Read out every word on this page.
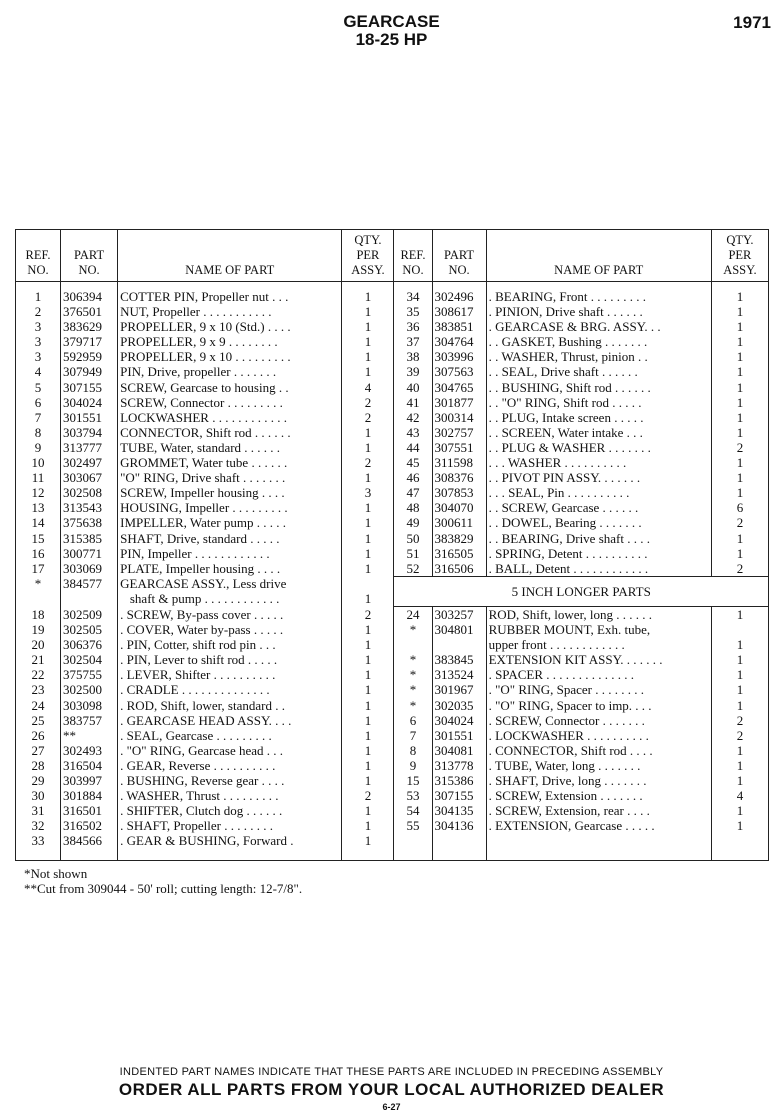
GEARCASE
18-25 HP
1971
REF.
NO.	PART
NO.	NAME OF PART	QTY.
PER
ASSY.	REF.
NO.	PART
NO.	NAME OF PART	QTY.
PER
ASSY.
1	306394	COTTER PIN, Propeller nut . . .	1	34	302496	. BEARING, Front . . . . . . . . .	1
2	376501	NUT, Propeller . . . . . . . . . . .	1	35	308617	. PINION, Drive shaft . . . . . .	1
3	383629	PROPELLER, 9 x 10 (Std.) . . . .	1	36	383851	. GEARCASE & BRG. ASSY. . .	1
3	379717	PROPELLER, 9 x 9 . . . . . . . .	1	37	304764	. . GASKET, Bushing . . . . . . .	1
3	592959	PROPELLER, 9 x 10 . . . . . . . . .	1	38	303996	. . WASHER, Thrust, pinion . .	1
4	307949	PIN, Drive, propeller . . . . . . .	1	39	307563	. . SEAL, Drive shaft . . . . . .	1
5	307155	SCREW, Gearcase to housing . .	4	40	304765	. . BUSHING, Shift rod . . . . . .	1
6	304024	SCREW, Connector . . . . . . . . .	2	41	301877	. . "O" RING, Shift rod . . . . .	1
7	301551	LOCKWASHER . . . . . . . . . . . .	2	42	300314	. . PLUG, Intake screen . . . . .	1
8	303794	CONNECTOR, Shift rod . . . . . .	1	43	302757	. . SCREEN, Water intake . . .	1
9	313777	TUBE, Water, standard . . . . . .	1	44	307551	. . PLUG & WASHER . . . . . . .	2
10	302497	GROMMET, Water tube . . . . . .	2	45	311598	. . . WASHER . . . . . . . . . .	1
11	303067	"O" RING, Drive shaft . . . . . . .	1	46	308376	. . PIVOT PIN ASSY. . . . . . .	1
12	302508	SCREW, Impeller housing . . . .	3	47	307853	. . . SEAL, Pin . . . . . . . . . .	1
13	313543	HOUSING, Impeller . . . . . . . . .	1	48	304070	. . SCREW, Gearcase . . . . . .	6
14	375638	IMPELLER, Water pump . . . . .	1	49	300611	. . DOWEL, Bearing . . . . . . .	2
15	315385	SHAFT, Drive, standard . . . . .	1	50	383829	. . BEARING, Drive shaft . . . .	1
16	300771	PIN, Impeller . . . . . . . . . . . .	1	51	316505	. SPRING, Detent . . . . . . . . . .	1
17	303069	PLATE, Impeller housing . . . .	1	52	316506	. BALL, Detent . . . . . . . . . . . .	2
*	384577	GEARCASE ASSY., Less drive		5 INCH LONGER PARTS			
		shaft & pump . . . . . . . . . . . .	1				
18	302509	. SCREW, By-pass cover . . . . .	2	24	303257	ROD, Shift, lower, long . . . . . .	1
19	302505	. COVER, Water by-pass . . . . .	1	*	304801	RUBBER MOUNT, Exh. tube,	
20	306376	. PIN, Cotter, shift rod pin . . .	1			upper front . . . . . . . . . . . .	1
21	302504	. PIN, Lever to shift rod . . . . .	1	*	383845	EXTENSION KIT ASSY. . . . . . .	1
22	375755	. LEVER, Shifter . . . . . . . . . .	1	*	313524	. SPACER . . . . . . . . . . . . . .	1
23	302500	. CRADLE . . . . . . . . . . . . . .	1	*	301967	. "O" RING, Spacer . . . . . . . .	1
24	303098	. ROD, Shift, lower, standard . .	1	*	302035	. "O" RING, Spacer to imp. . . .	1
25	383757	. GEARCASE HEAD ASSY. . . .	1	6	304024	. SCREW, Connector . . . . . . .	2
26	**	. SEAL, Gearcase . . . . . . . . .	1	7	301551	. LOCKWASHER . . . . . . . . . .	2
27	302493	. "O" RING, Gearcase head . . .	1	8	304081	. CONNECTOR, Shift rod . . . .	1
28	316504	. GEAR, Reverse . . . . . . . . . .	1	9	313778	. TUBE, Water, long . . . . . . .	1
29	303997	. BUSHING, Reverse gear . . . .	1	15	315386	. SHAFT, Drive, long . . . . . . .	1
30	301884	. WASHER, Thrust . . . . . . . . .	2	53	307155	. SCREW, Extension . . . . . . .	4
31	316501	. SHIFTER, Clutch dog . . . . . .	1	54	304135	. SCREW, Extension, rear . . . .	1
32	316502	. SHAFT, Propeller . . . . . . . .	1	55	304136	. EXTENSION, Gearcase . . . . .	1
33	384566	. GEAR & BUSHING, Forward .	1				
*Not shown
**Cut from 309044 - 50' roll; cutting length: 12-7/8".
INDENTED PART NAMES INDICATE THAT THESE PARTS ARE INCLUDED IN PRECEDING ASSEMBLY
ORDER ALL PARTS FROM YOUR LOCAL AUTHORIZED DEALER
6-27
